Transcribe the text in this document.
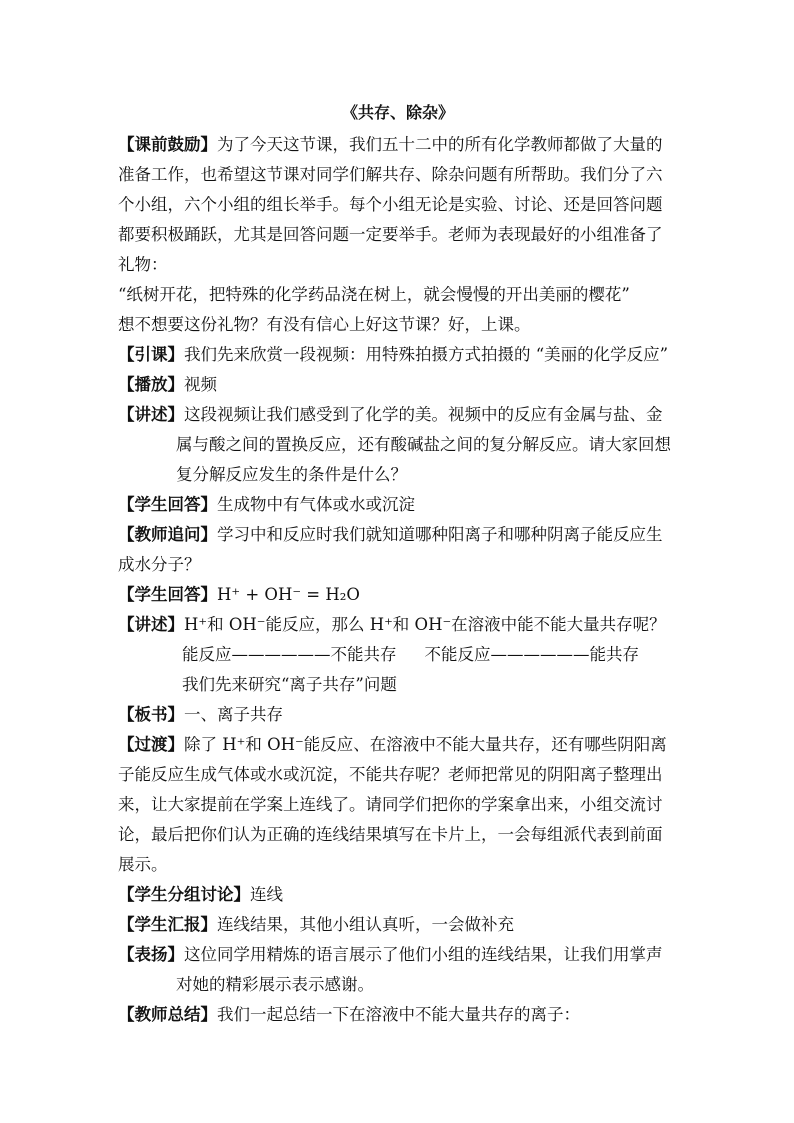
《共存、除杂》

【课前鼓励】为了今天这节课，我们五十二中的所有化学教师都做了大量的准备工作，也希望这节课对同学们解共存、除杂问题有所帮助。我们分了六个小组，六个小组的组长举手。每个小组无论是实验、讨论、还是回答问题都要积极踊跃，尤其是回答问题一定要举手。老师为表现最好的小组准备了礼物：

“纸树开花，把特殊的化学药品浇在树上，就会慢慢的开出美丽的樱花”

想不想要这份礼物？有没有信心上好这节课？好，上课。

【引课】我们先来欣赏一段视频：用特殊拍摄方式拍摄的 “美丽的化学反应”

【播放】视频

【讲述】这段视频让我们感受到了化学的美。视频中的反应有金属与盐、金属与酸之间的置换反应，还有酸碱盐之间的复分解反应。请大家回想复分解反应发生的条件是什么？

【学生回答】生成物中有气体或水或沉淀

【教师追问】学习中和反应时我们就知道哪种阳离子和哪种阴离子能反应生成水分子？

【学生回答】H⁺ + OH⁻ = H₂O

【讲述】H⁺和 OH⁻能反应，那么 H⁺和 OH⁻在溶液中能不能大量共存呢？

能反应——————不能共存 不能反应——————能共存

我们先来研究“离子共存”问题

【板书】一、离子共存

【过渡】除了 H⁺和 OH⁻能反应、在溶液中不能大量共存，还有哪些阴阳离子能反应生成气体或水或沉淀，不能共存呢？老师把常见的阴阳离子整理出来，让大家提前在学案上连线了。请同学们把你的学案拿出来，小组交流讨论，最后把你们认为正确的连线结果填写在卡片上，一会每组派代表到前面展示。

【学生分组讨论】连线

【学生汇报】连线结果，其他小组认真听，一会做补充

【表扬】这位同学用精炼的语言展示了他们小组的连线结果，让我们用掌声对她的精彩展示表示感谢。

【教师总结】我们一起总结一下在溶液中不能大量共存的离子：
